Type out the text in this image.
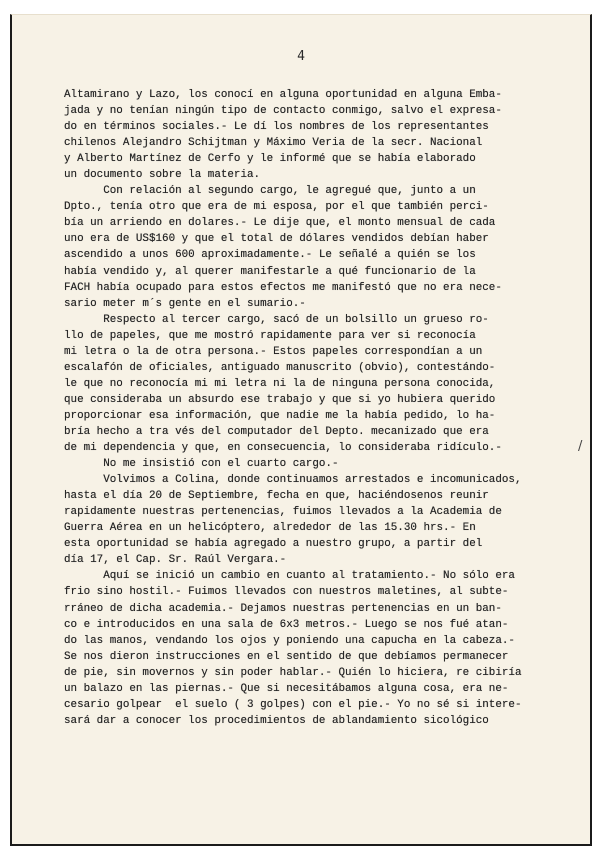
4
Altamirano y Lazo, los conocí en alguna oportunidad en alguna Emba-
jada y no tenían ningún tipo de contacto conmigo, salvo el expresa-
do en términos sociales.- Le dí los nombres de los representantes
chilenos Alejandro Schijtman y Máximo Veria de la secr. Nacional
y Alberto Martínez de Cerfo y le informé que se había elaborado
un documento sobre la materia.
Con relación al segundo cargo, le agregué que, junto a un
Dpto., tenía otro que era de mi esposa, por el que también perci-
bía un arriendo en dolares.- Le dije que, el monto mensual de cada
uno era de US$160 y que el total de dólares vendidos debían haber
ascendido a unos 600 aproximadamente.- Le señalé a quién se los
había vendido y, al querer manifestarle a qué funcionario de la
FACH había ocupado para estos efectos me manifestó que no era nece-
sario meter m´s gente en el sumario.-
Respecto al tercer cargo, sacó de un bolsillo un grueso ro-
llo de papeles, que me mostró rapidamente para ver si reconocía
mi letra o la de otra persona.- Estos papeles correspondían a un
escalafón de oficiales, antiguado manuscrito (obvio), contestándo-
le que no reconocía mi mi letra ni la de ninguna persona conocida,
que consideraba un absurdo ese trabajo y que si yo hubiera querido
proporcionar esa información, que nadie me la había pedido, lo ha-
bría hecho a tra vés del computador del Depto. mecanizado que era
de mi dependencia y que, en consecuencia, lo consideraba ridículo.-
No me insistió con el cuarto cargo.-
Volvimos a Colina, donde continuamos arrestados e incomunicados,
hasta el día 20 de Septiembre, fecha en que, haciéndosenos reunir
rapidamente nuestras pertenencias, fuimos llevados a la Academia de
Guerra Aérea en un helicóptero, alrededor de las 15.30 hrs.- En
esta oportunidad se había agregado a nuestro grupo, a partir del
día 17, el Cap. Sr. Raúl Vergara.-
Aquí se inició un cambio en cuanto al tratamiento.- No sólo era
frio sino hostil.- Fuimos llevados con nuestros maletines, al subte-
rráneo de dicha academia.- Dejamos nuestras pertenencias en un ban-
co e introducidos en una sala de 6x3 metros.- Luego se nos fué atan-
do las manos, vendando los ojos y poniendo una capucha en la cabeza.-
Se nos dieron instrucciones en el sentido de que debíamos permanecer
de pie, sin movernos y sin poder hablar.- Quién lo hiciera, re cibiría
un balazo en las piernas.- Que si necesitábamos alguna cosa, era ne-
cesario golpear  el suelo ( 3 golpes) con el pie.- Yo no sé si intere-
sará dar a conocer los procedimientos de ablandamiento sicológico
/
